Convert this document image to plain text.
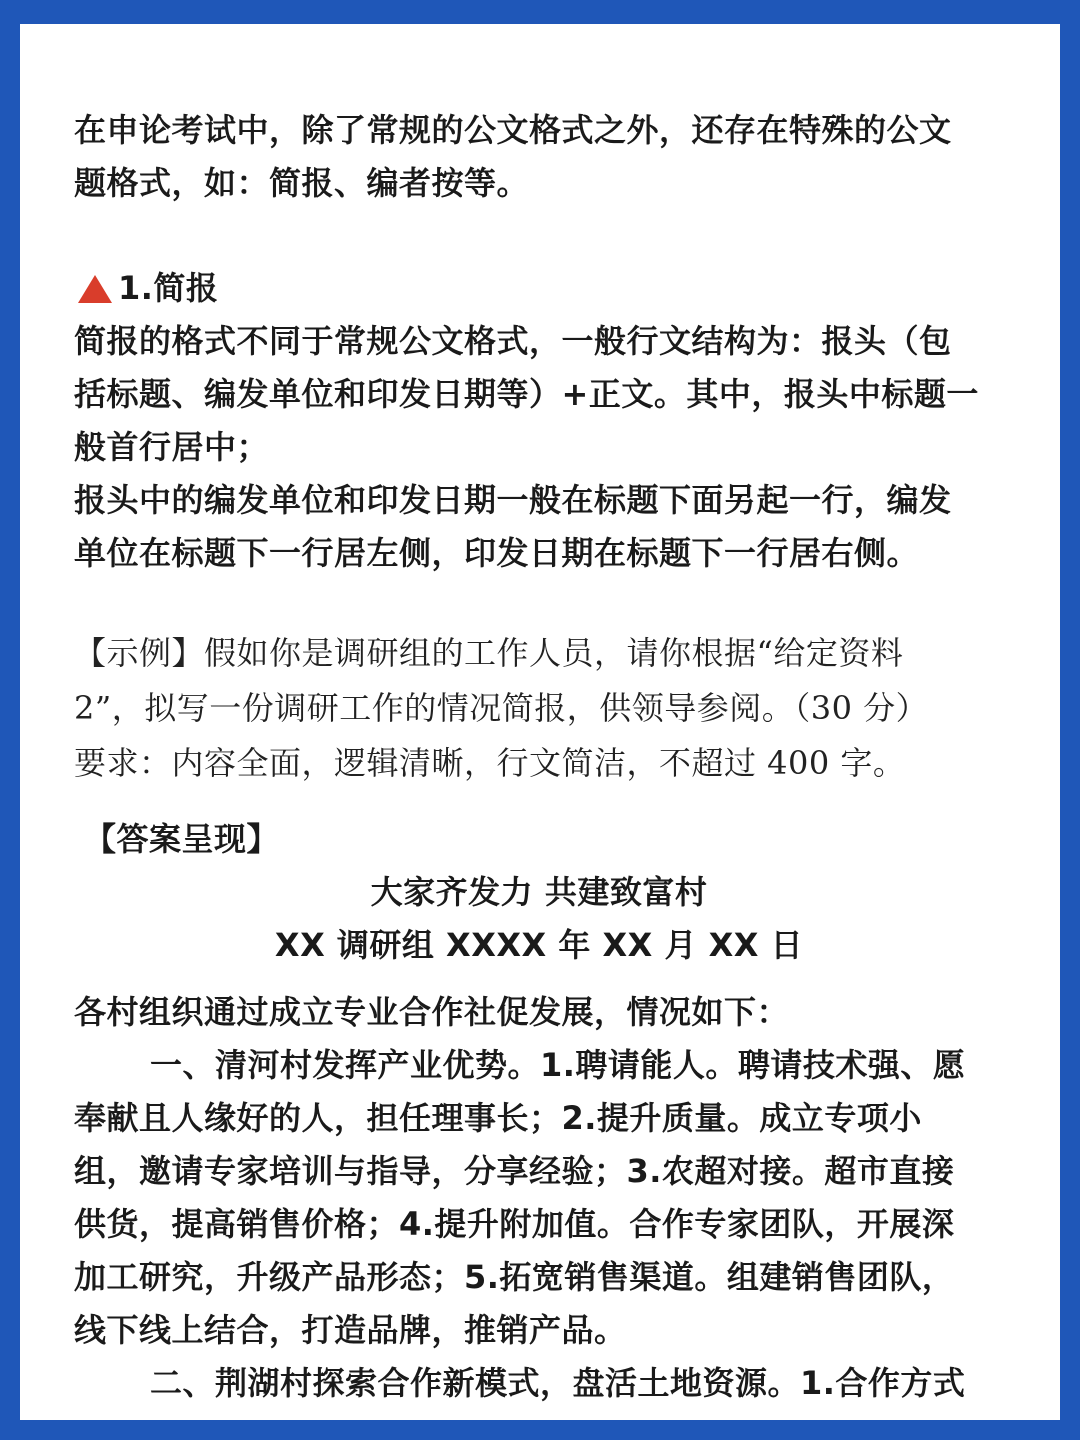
在申论考试中，除了常规的公文格式之外，还存在特殊的公文

题格式，如：简报、编者按等。

1.简报

简报的格式不同于常规公文格式，一般行文结构为：报头（包

括标题、编发单位和印发日期等）+正文。其中，报头中标题一

般首行居中；

报头中的编发单位和印发日期一般在标题下面另起一行，编发

单位在标题下一行居左侧，印发日期在标题下一行居右侧。

【示例】假如你是调研组的工作人员，请你根据“给定资料

2”，拟写一份调研工作的情况简报，供领导参阅。（30 分）

要求：内容全面，逻辑清晰，行文简洁，不超过 400 字。

【答案呈现】

大家齐发力 共建致富村

XX 调研组 XXXX 年 XX 月 XX 日

各村组织通过成立专业合作社促发展，情况如下：

一、清河村发挥产业优势。1.聘请能人。聘请技术强、愿

奉献且人缘好的人，担任理事长；2.提升质量。成立专项小

组，邀请专家培训与指导，分享经验；3.农超对接。超市直接

供货，提高销售价格；4.提升附加值。合作专家团队，开展深

加工研究，升级产品形态；5.拓宽销售渠道。组建销售团队，

线下线上结合，打造品牌，推销产品。

二、荆湖村探索合作新模式，盘活土地资源。1.合作方式
